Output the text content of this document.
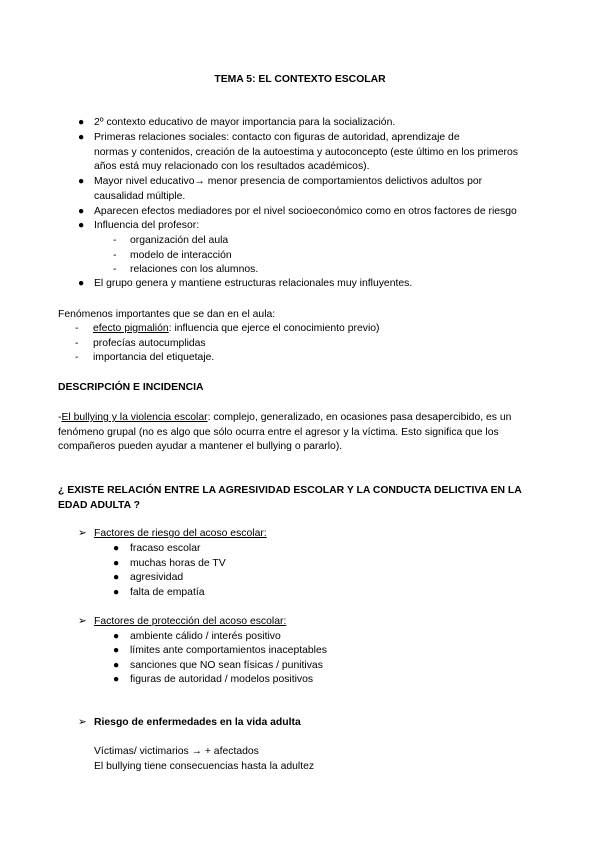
TEMA 5: EL CONTEXTO ESCOLAR
● 2º contexto educativo de mayor importancia para la socialización.
● Primeras relaciones sociales: contacto con figuras de autoridad, aprendizaje de
normas y contenidos, creación de la autoestima y autoconcepto (este último en los primeros
años está muy relacionado con los resultados académicos).
● Mayor nivel educativo→ menor presencia de comportamientos delictivos adultos por
causalidad múltiple.
● Aparecen efectos mediadores por el nivel socioeconómico como en otros factores de riesgo
● Influencia del profesor:
-	organización del aula
-	modelo de interacción
-	relaciones con los alumnos.
● El grupo genera y mantiene estructuras relacionales muy influyentes.
Fenómenos importantes que se dan en el aula:
-	efecto pigmalión: influencia que ejerce el conocimiento previo)
-	profecías autocumplidas
-	importancia del etiquetaje.
DESCRIPCIÓN E INCIDENCIA
-El bullying y la violencia escolar: complejo, generalizado, en ocasiones pasa desapercibido, es un
fenómeno grupal (no es algo que sólo ocurra entre el agresor y la víctima. Esto significa que los
compañeros pueden ayudar a mantener el bullying o pararlo).
¿ EXISTE RELACIÓN ENTRE LA AGRESIVIDAD ESCOLAR Y LA CONDUCTA DELICTIVA EN LA
EDAD ADULTA ?
➢ Factores de riesgo del acoso escolar:
●	fracaso escolar
●	muchas horas de TV
●	agresividad
●	falta de empatía
➢ Factores de protección del acoso escolar:
●	ambiente cálido / interés positivo
●	límites ante comportamientos inaceptables
●	sanciones que NO sean físicas / punitivas
●	figuras de autoridad / modelos positivos
➢ Riesgo de enfermedades en la vida adulta
Víctimas/ victimarios → + afectados
El bullying tiene consecuencias hasta la adultez
